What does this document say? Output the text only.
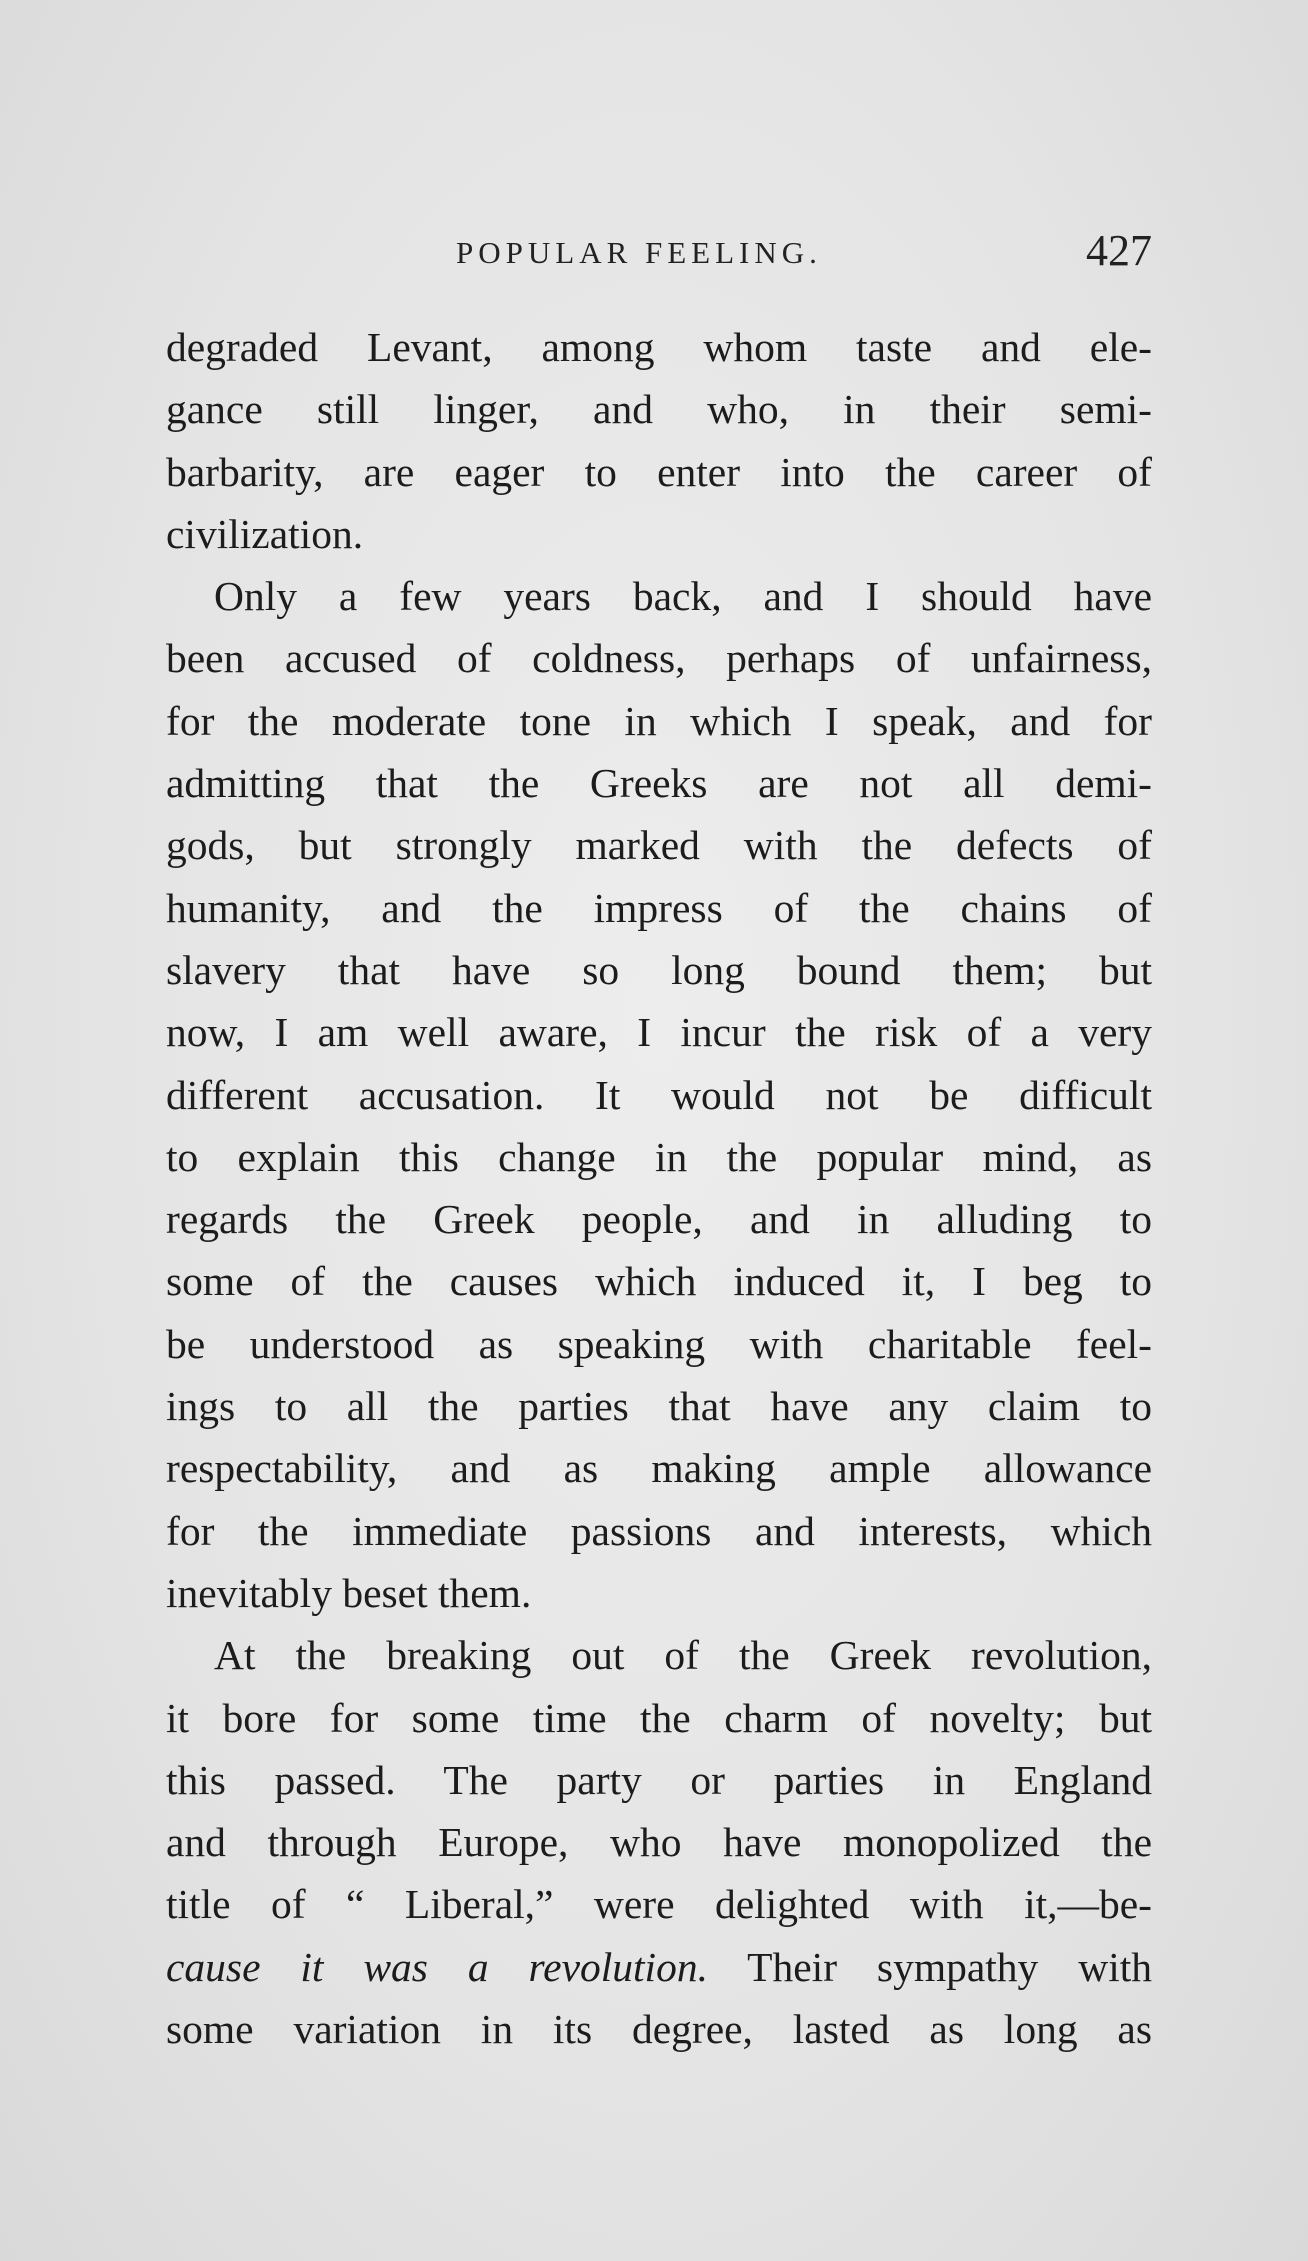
POPULAR FEELING.	427
degraded Levant, among whom taste and ele-
gance still linger, and who, in their semi-
barbarity, are eager to enter into the career of
civilization.
Only a few years back, and I should have
been accused of coldness, perhaps of unfairness,
for the moderate tone in which I speak, and for
admitting that the Greeks are not all demi-
gods, but strongly marked with the defects of
humanity, and the impress of the chains of
slavery that have so long bound them; but
now, I am well aware, I incur the risk of a very
different accusation. It would not be difficult
to explain this change in the popular mind, as
regards the Greek people, and in alluding to
some of the causes which induced it, I beg to
be understood as speaking with charitable feel-
ings to all the parties that have any claim to
respectability, and as making ample allowance
for the immediate passions and interests, which
inevitably beset them.
At the breaking out of the Greek revolution,
it bore for some time the charm of novelty; but
this passed. The party or parties in England
and through Europe, who have monopolized the
title of “ Liberal,” were delighted with it,—be-
cause it was a revolution. Their sympathy with
some variation in its degree, lasted as long as
